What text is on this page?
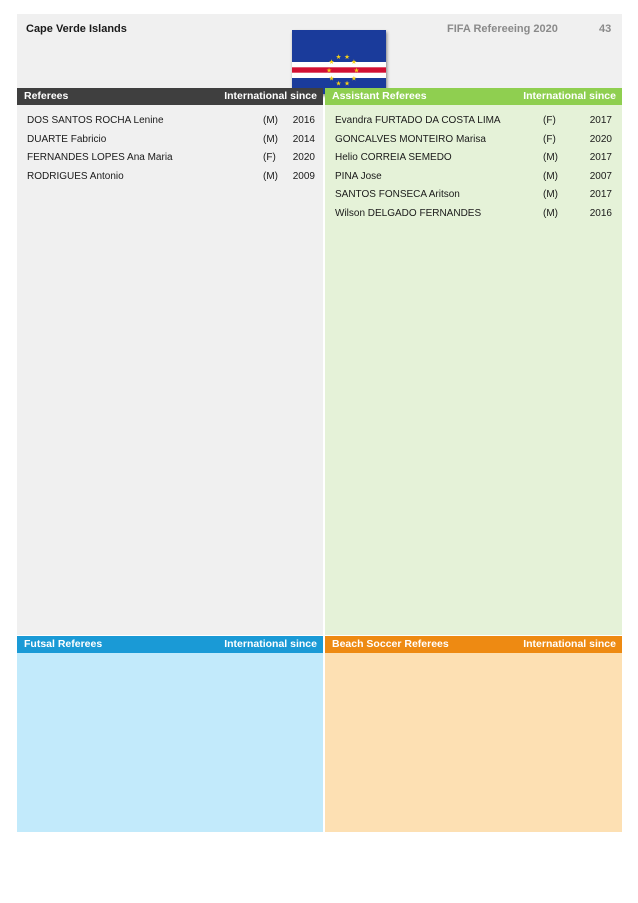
Cape Verde Islands
★
★
★ ★
★
★
★
★
★
★
FIFA Refereeing 2020	43
Referees	International since
DOS SANTOS ROCHA Lenine	(M) 2016
DUARTE Fabricio	(M) 2014
FERNANDES LOPES Ana Maria	(F) 2020
RODRIGUES Antonio	(M) 2009
Assistant Referees	International since
Evandra FURTADO DA COSTA LIMA	(F)	2017
GONCALVES MONTEIRO Marisa	(F)	2020
Helio CORREIA SEMEDO	(M)	2017
PINA Jose	(M)	2007
SANTOS FONSECA Aritson	(M)	2017
Wilson DELGADO FERNANDES	(M)	2016
Futsal Referees	International since	Beach Soccer Referees	International since
